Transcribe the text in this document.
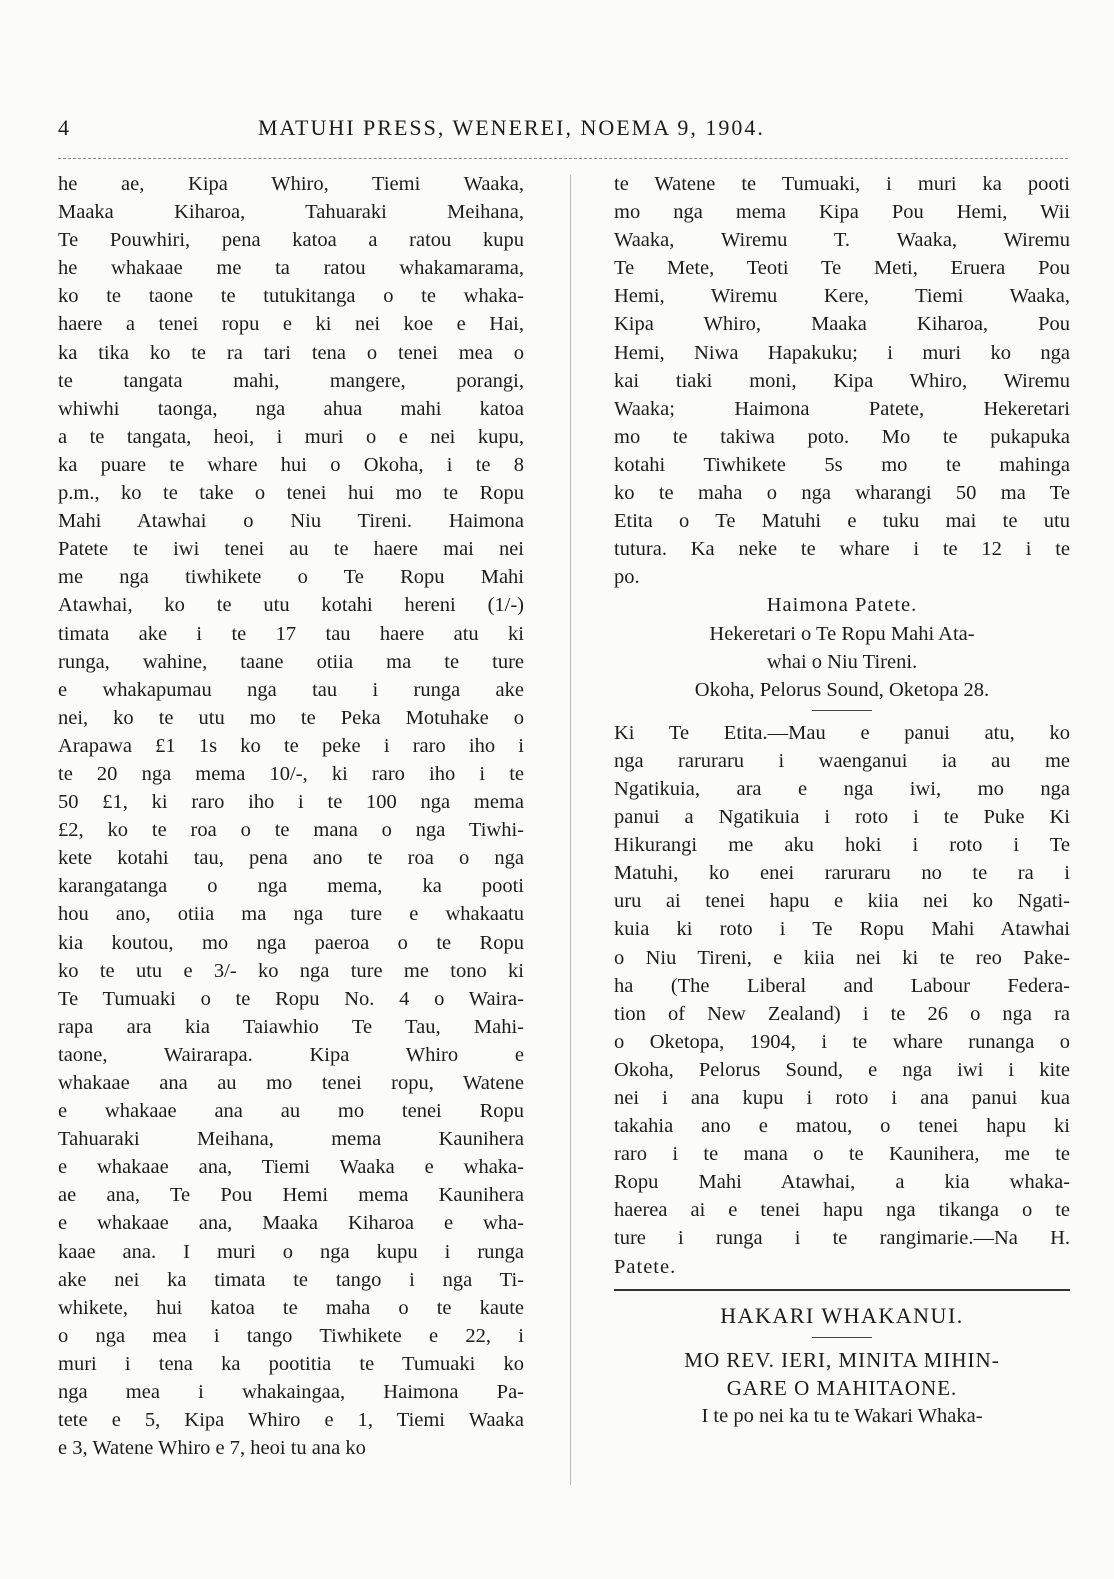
4	MATUHI PRESS, WENEREI, NOEMA 9, 1904.
he ae, Kipa Whiro, Tiemi Waaka,
Maaka Kiharoa, Tahuaraki Meihana,
Te Pouwhiri, pena katoa a ratou kupu
he whakaae me ta ratou whakamarama,
ko te taone te tutukitanga o te whaka-
haere a tenei ropu e ki nei koe e Hai,
ka tika ko te ra tari tena o tenei mea o
te tangata mahi, mangere, porangi,
whiwhi taonga, nga ahua mahi katoa
a te tangata, heoi, i muri o e nei kupu,
ka puare te whare hui o Okoha, i te 8
p.m., ko te take o tenei hui mo te Ropu
Mahi Atawhai o Niu Tireni. Haimona
Patete te iwi tenei au te haere mai nei
me nga tiwhikete o Te Ropu Mahi
Atawhai, ko te utu kotahi hereni (1/-)
timata ake i te 17 tau haere atu ki
runga, wahine, taane otiia ma te ture
e whakapumau nga tau i runga ake
nei, ko te utu mo te Peka Motuhake o
Arapawa £1 1s ko te peke i raro iho i
te 20 nga mema 10/-, ki raro iho i te
50 £1, ki raro iho i te 100 nga mema
£2, ko te roa o te mana o nga Tiwhi-
kete kotahi tau, pena ano te roa o nga
karangatanga o nga mema, ka pooti
hou ano, otiia ma nga ture e whakaatu
kia koutou, mo nga paeroa o te Ropu
ko te utu e 3/- ko nga ture me tono ki
Te Tumuaki o te Ropu No. 4 o Waira-
rapa ara kia Taiawhio Te Tau, Mahi-
taone, Wairarapa. Kipa Whiro e
whakaae ana au mo tenei ropu, Watene
e whakaae ana au mo tenei Ropu
Tahuaraki Meihana, mema Kaunihera
e whakaae ana, Tiemi Waaka e whaka-
ae ana, Te Pou Hemi mema Kaunihera
e whakaae ana, Maaka Kiharoa e wha-
kaae ana. I muri o nga kupu i runga
ake nei ka timata te tango i nga Ti-
whikete, hui katoa te maha o te kaute
o nga mea i tango Tiwhikete e 22, i
muri i tena ka pootitia te Tumuaki ko
nga mea i whakaingaa, Haimona Pa-
tete e 5, Kipa Whiro e 1, Tiemi Waaka
e 3, Watene Whiro e 7, heoi tu ana ko
te Watene te Tumuaki, i muri ka pooti
mo nga mema Kipa Pou Hemi, Wii
Waaka, Wiremu T. Waaka, Wiremu
Te Mete, Teoti Te Meti, Eruera Pou
Hemi, Wiremu Kere, Tiemi Waaka,
Kipa Whiro, Maaka Kiharoa, Pou
Hemi, Niwa Hapakuku; i muri ko nga
kai tiaki moni, Kipa Whiro, Wiremu
Waaka; Haimona Patete, Hekeretari
mo te takiwa poto. Mo te pukapuka
kotahi Tiwhikete 5s mo te mahinga
ko te maha o nga wharangi 50 ma Te
Etita o Te Matuhi e tuku mai te utu
tutura. Ka neke te whare i te 12 i te
po.
Haimona Patete.
Hekeretari o Te Ropu Mahi Ata-
whai o Niu Tireni.
Okoha, Pelorus Sound, Oketopa 28.
Ki Te Etita.—Mau e panui atu, ko
nga raruraru i waenganui ia au me
Ngatikuia, ara e nga iwi, mo nga
panui a Ngatikuia i roto i te Puke Ki
Hikurangi me aku hoki i roto i Te
Matuhi, ko enei raruraru no te ra i
uru ai tenei hapu e kiia nei ko Ngati-
kuia ki roto i Te Ropu Mahi Atawhai
o Niu Tireni, e kiia nei ki te reo Pake-
ha (The Liberal and Labour Federa-
tion of New Zealand) i te 26 o nga ra
o Oketopa, 1904, i te whare runanga o
Okoha, Pelorus Sound, e nga iwi i kite
nei i ana kupu i roto i ana panui kua
takahia ano e matou, o tenei hapu ki
raro i te mana o te Kaunihera, me te
Ropu Mahi Atawhai, a kia whaka-
haerea ai e tenei hapu nga tikanga o te
ture i runga i te rangimarie.—Na H.
Patete.
HAKARI WHAKANUI.
MO REV. IERI, MINITA MIHIN-
GARE O MAHITAONE.
I te po nei ka tu te Wakari Whaka-
